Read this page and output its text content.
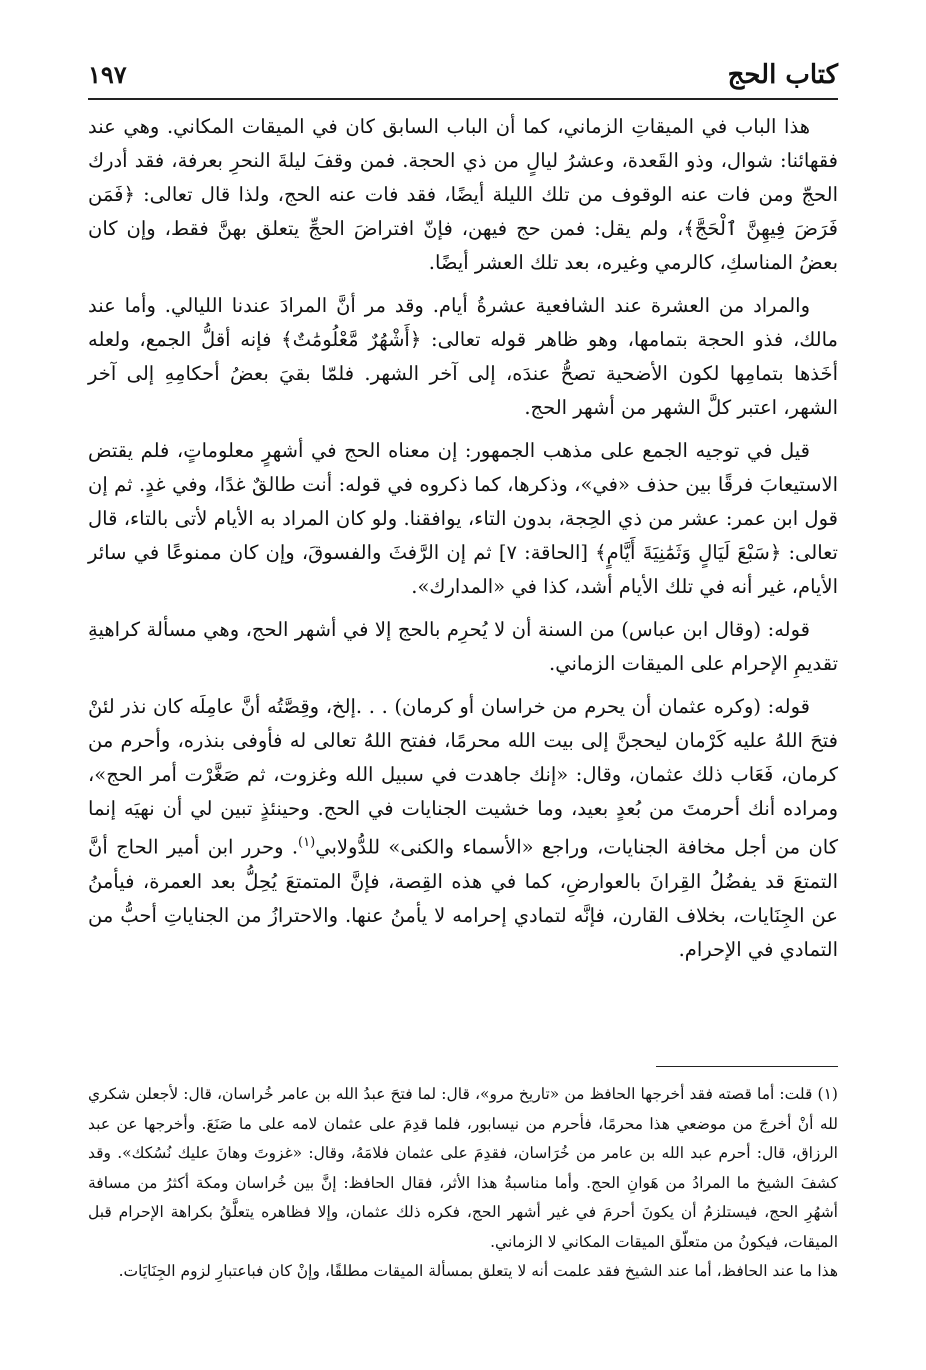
كتاب الحج
١٩٧

هذا الباب في الميقاتِ الزماني، كما أن الباب السابق كان في الميقات المكاني. وهي عند فقهائنا: شوال، وذو القَعدة، وعشرُ ليالٍ من ذي الحجة. فمن وقفَ ليلةَ النحرِ بعرفة، فقد أدرك الحجّ ومن فات عنه الوقوف من تلك الليلة أيضًا، فقد فات عنه الحج، ولذا قال تعالى: ﴿فَمَن فَرَضَ فِيهِنَّ ٱلْحَجَّ﴾، ولم يقل: فمن حج فيهن، فإنّ افتراضَ الحجِّ يتعلق بهنَّ فقط، وإن كان بعضُ المناسكِ، كالرمي وغيره، بعد تلك العشر أيضًا.

والمراد من العشرة عند الشافعية عشرةُ أيام. وقد مر أنَّ المرادَ عندنا الليالي. وأما عند مالك، فذو الحجة بتمامها، وهو ظاهر قوله تعالى: ﴿أَشْهُرٌ مَّعْلُومَٰتٌ﴾ فإنه أقلُّ الجمع، ولعله أخَذها بتمامِها لكون الأضحية تصحُّ عندَه، إلى آخر الشهر. فلمّا بقيَ بعضُ أحكامِهِ إلى آخر الشهر، اعتبر كلَّ الشهر من أشهر الحج.

قيل في توجيه الجمع على مذهب الجمهور: إن معناه الحج في أشهرٍ معلوماتٍ، فلم يقتض الاستيعابَ فرقًا بين حذف «في»، وذكرها، كما ذكروه في قوله: أنت طالقٌ غدًا، وفي غدٍ. ثم إن قول ابن عمر: عشر من ذي الحِجة، بدون التاء، يوافقنا. ولو كان المراد به الأيام لأتى بالتاء، قال تعالى: ﴿سَبْعَ لَيَالٍ وَثَمَٰنِيَةَ أَيَّامٍ﴾ [الحاقة: ٧] ثم إن الرَّفثَ والفسوقَ، وإن كان ممنوعًا في سائر الأيام، غير أنه في تلك الأيام أشد، كذا في «المدارك».

قوله: (وقال ابن عباس) من السنة أن لا يُحرِم بالحج إلا في أشهر الحج، وهي مسألة كراهيةِ تقديمِ الإحرام على الميقات الزماني.

قوله: (وكره عثمان أن يحرم من خراسان أو كرمان) . . .إلخ، وقِصَّتُه أنَّ عامِلَه كان نذر لئنْ فتحَ اللهُ عليه كَرْمان ليحجنَّ إلى بيت الله محرمًا، ففتح اللهُ تعالى له فأوفى بنذره، وأحرم من كرمان، فَعَاب ذلك عثمان، وقال: «إنك جاهدت في سبيل الله وغزوت، ثم صَغَّرْت أمر الحج»، ومراده أنك أحرمتَ من بُعدٍ بعيد، وما خشيت الجنايات في الحج. وحينئذٍ تبين لي أن نهيَه إنما كان من أجل مخافة الجنايات، وراجع «الأسماء والكنى» للدُّولابي$^{(١)}$. وحرر ابن أمير الحاج أنَّ التمتعَ قد يفضُلُ القِرانَ بالعوارضِ، كما في هذه القِصة، فإنَّ المتمتعَ يُحِلُّ بعد العمرة، فيأمنُ عن الجِنَايات، بخلاف القارن، فإنَّه لتمادي إحرامه لا يأمنُ عنها. والاحترازُ من الجناياتِ أحبُّ من التمادي في الإحرام.

(١) قلت: أما قصته فقد أخرجها الحافظ من «تاريخ مرو»، قال: لما فتحَ عبدُ الله بن عامر خُراسان، قال: لأجعلن شكري لله أنْ أخرجَ من موضعي هذا محرمًا، فأحرم من نيسابور، فلما قدِمَ على عثمان لامه على ما صَنَعَ. وأخرجها عن عبد الرزاق، قال: أحرم عبد الله بن عامر من خُرَاسان، فقدِمَ على عثمان فلامَهُ، وقال: «غزوتَ وهانَ عليك نُسُكك». وقد كشفَ الشيخ ما المرادُ من هَوانِ الحج. وأما مناسبةُ هذا الأثر، فقال الحافظ: إنَّ بين خُراسان ومكة أكثرُ من مسافة أشهُرِ الحج، فيستلزمُ أن يكونَ أحرمَ في غير أشهر الحج، فكره ذلك عثمان، وإلا فظاهره يتعلَّقُ بكراهة الإحرام قبل الميقات، فيكونُ من متعلّق الميقات المكاني لا الزماني.

هذا ما عند الحافظ، أما عند الشيخ فقد علمت أنه لا يتعلق بمسألة الميقات مطلقًا، وإنْ كان فباعتبارِ لزوم الجِنَايَات.
